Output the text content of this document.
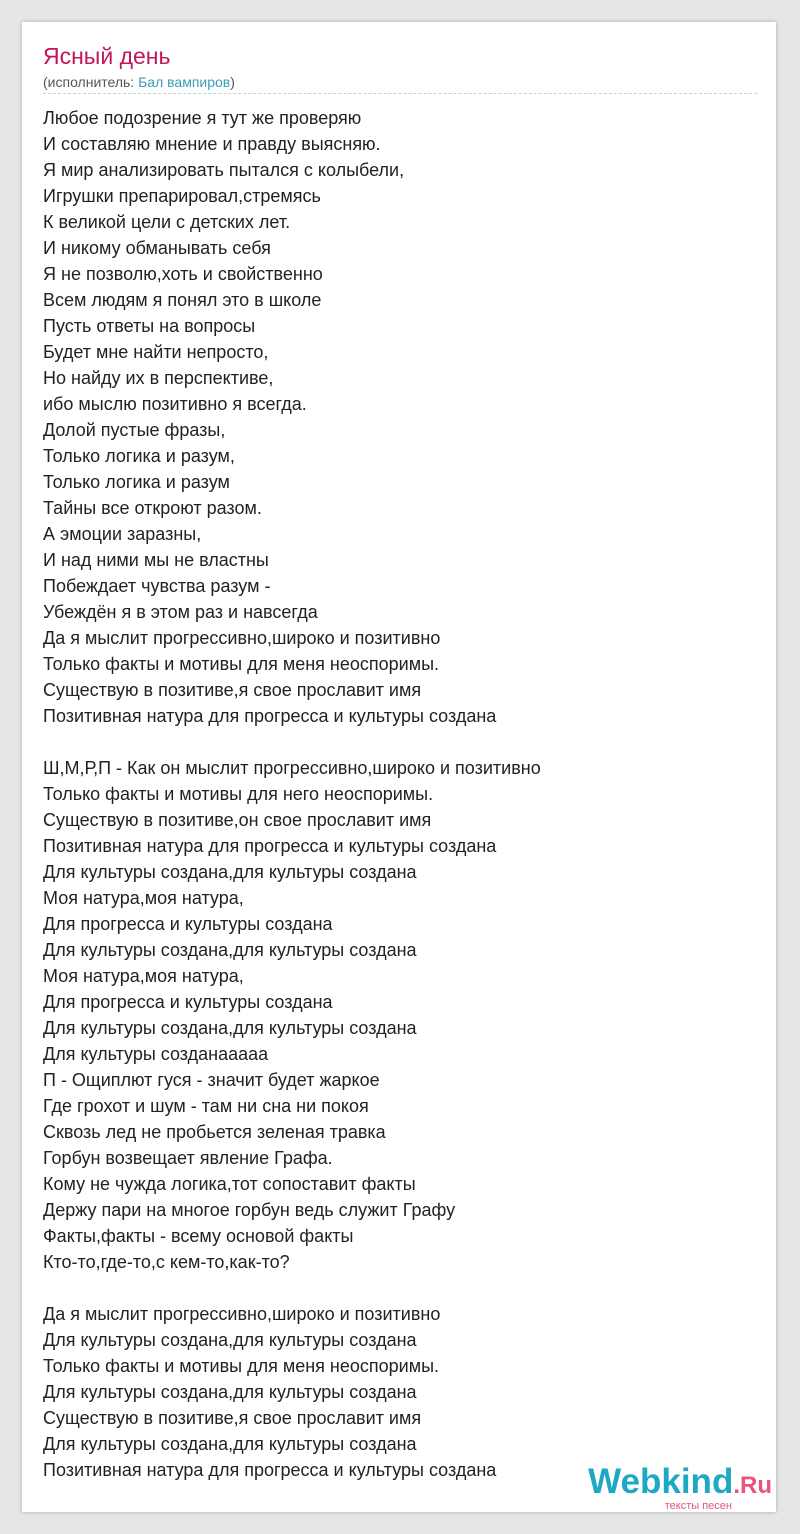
Ясный день
(исполнитель: Бал вампиров)
Любое подозрение я тут же проверяю
И составляю мнение и правду выясняю.
Я мир анализировать пытался с колыбели,
Игрушки препарировал,стремясь
К великой цели с детских лет.
И никому обманывать себя
Я не позволю,хоть и свойственно
Всем людям я понял это в школе
Пусть ответы на вопросы
Будет мне найти непросто,
Но найду их в перспективе,
ибо мыслю позитивно я всегда.
Долой пустые фразы,
Только логика и разум,
Только логика и разум
Тайны все откроют разом.
А эмоции заразны,
И над ними мы не властны
Побеждает чувства разум -
Убеждён я в этом раз и навсегда
Да я мыслит прогрессивно,широко и позитивно
Только факты и мотивы для меня неоспоримы.
Существую в позитиве,я свое прославит имя
Позитивная натура для прогресса и культуры создана
Ш,М,Р,П - Как он мыслит прогрессивно,широко и позитивно
Только факты и мотивы для него неоспоримы.
Существую в позитиве,он свое прославит имя
Позитивная натура для прогресса и культуры создана
Для культуры создана,для культуры создана
Моя натура,моя натура,
Для прогресса и культуры создана
Для культуры создана,для культуры создана
Моя натура,моя натура,
Для прогресса и культуры создана
Для культуры создана,для культуры создана
Для культуры созданаааaa
П - Ощиплют гуся - значит будет жаркое
Где грохот и шум - там ни сна ни покоя
Сквозь лед не пробьется зеленая травка
Горбун возвещает явление Графа.
Кому не чужда логика,тот сопоставит факты
Держу пари на многое горбун ведь служит Графу
Факты,факты - всему основой факты
Кто-то,где-то,с кем-то,как-то?
Да я мыслит прогрессивно,широко и позитивно
Для культуры создана,для культуры создана
Только факты и мотивы для меня неоспоримы.
Для культуры создана,для культуры создана
Существую в позитиве,я свое прославит имя
Для культуры создана,для культуры создана
Позитивная натура для прогресса и культуры создана	Webkind.Ru
тексты песен
